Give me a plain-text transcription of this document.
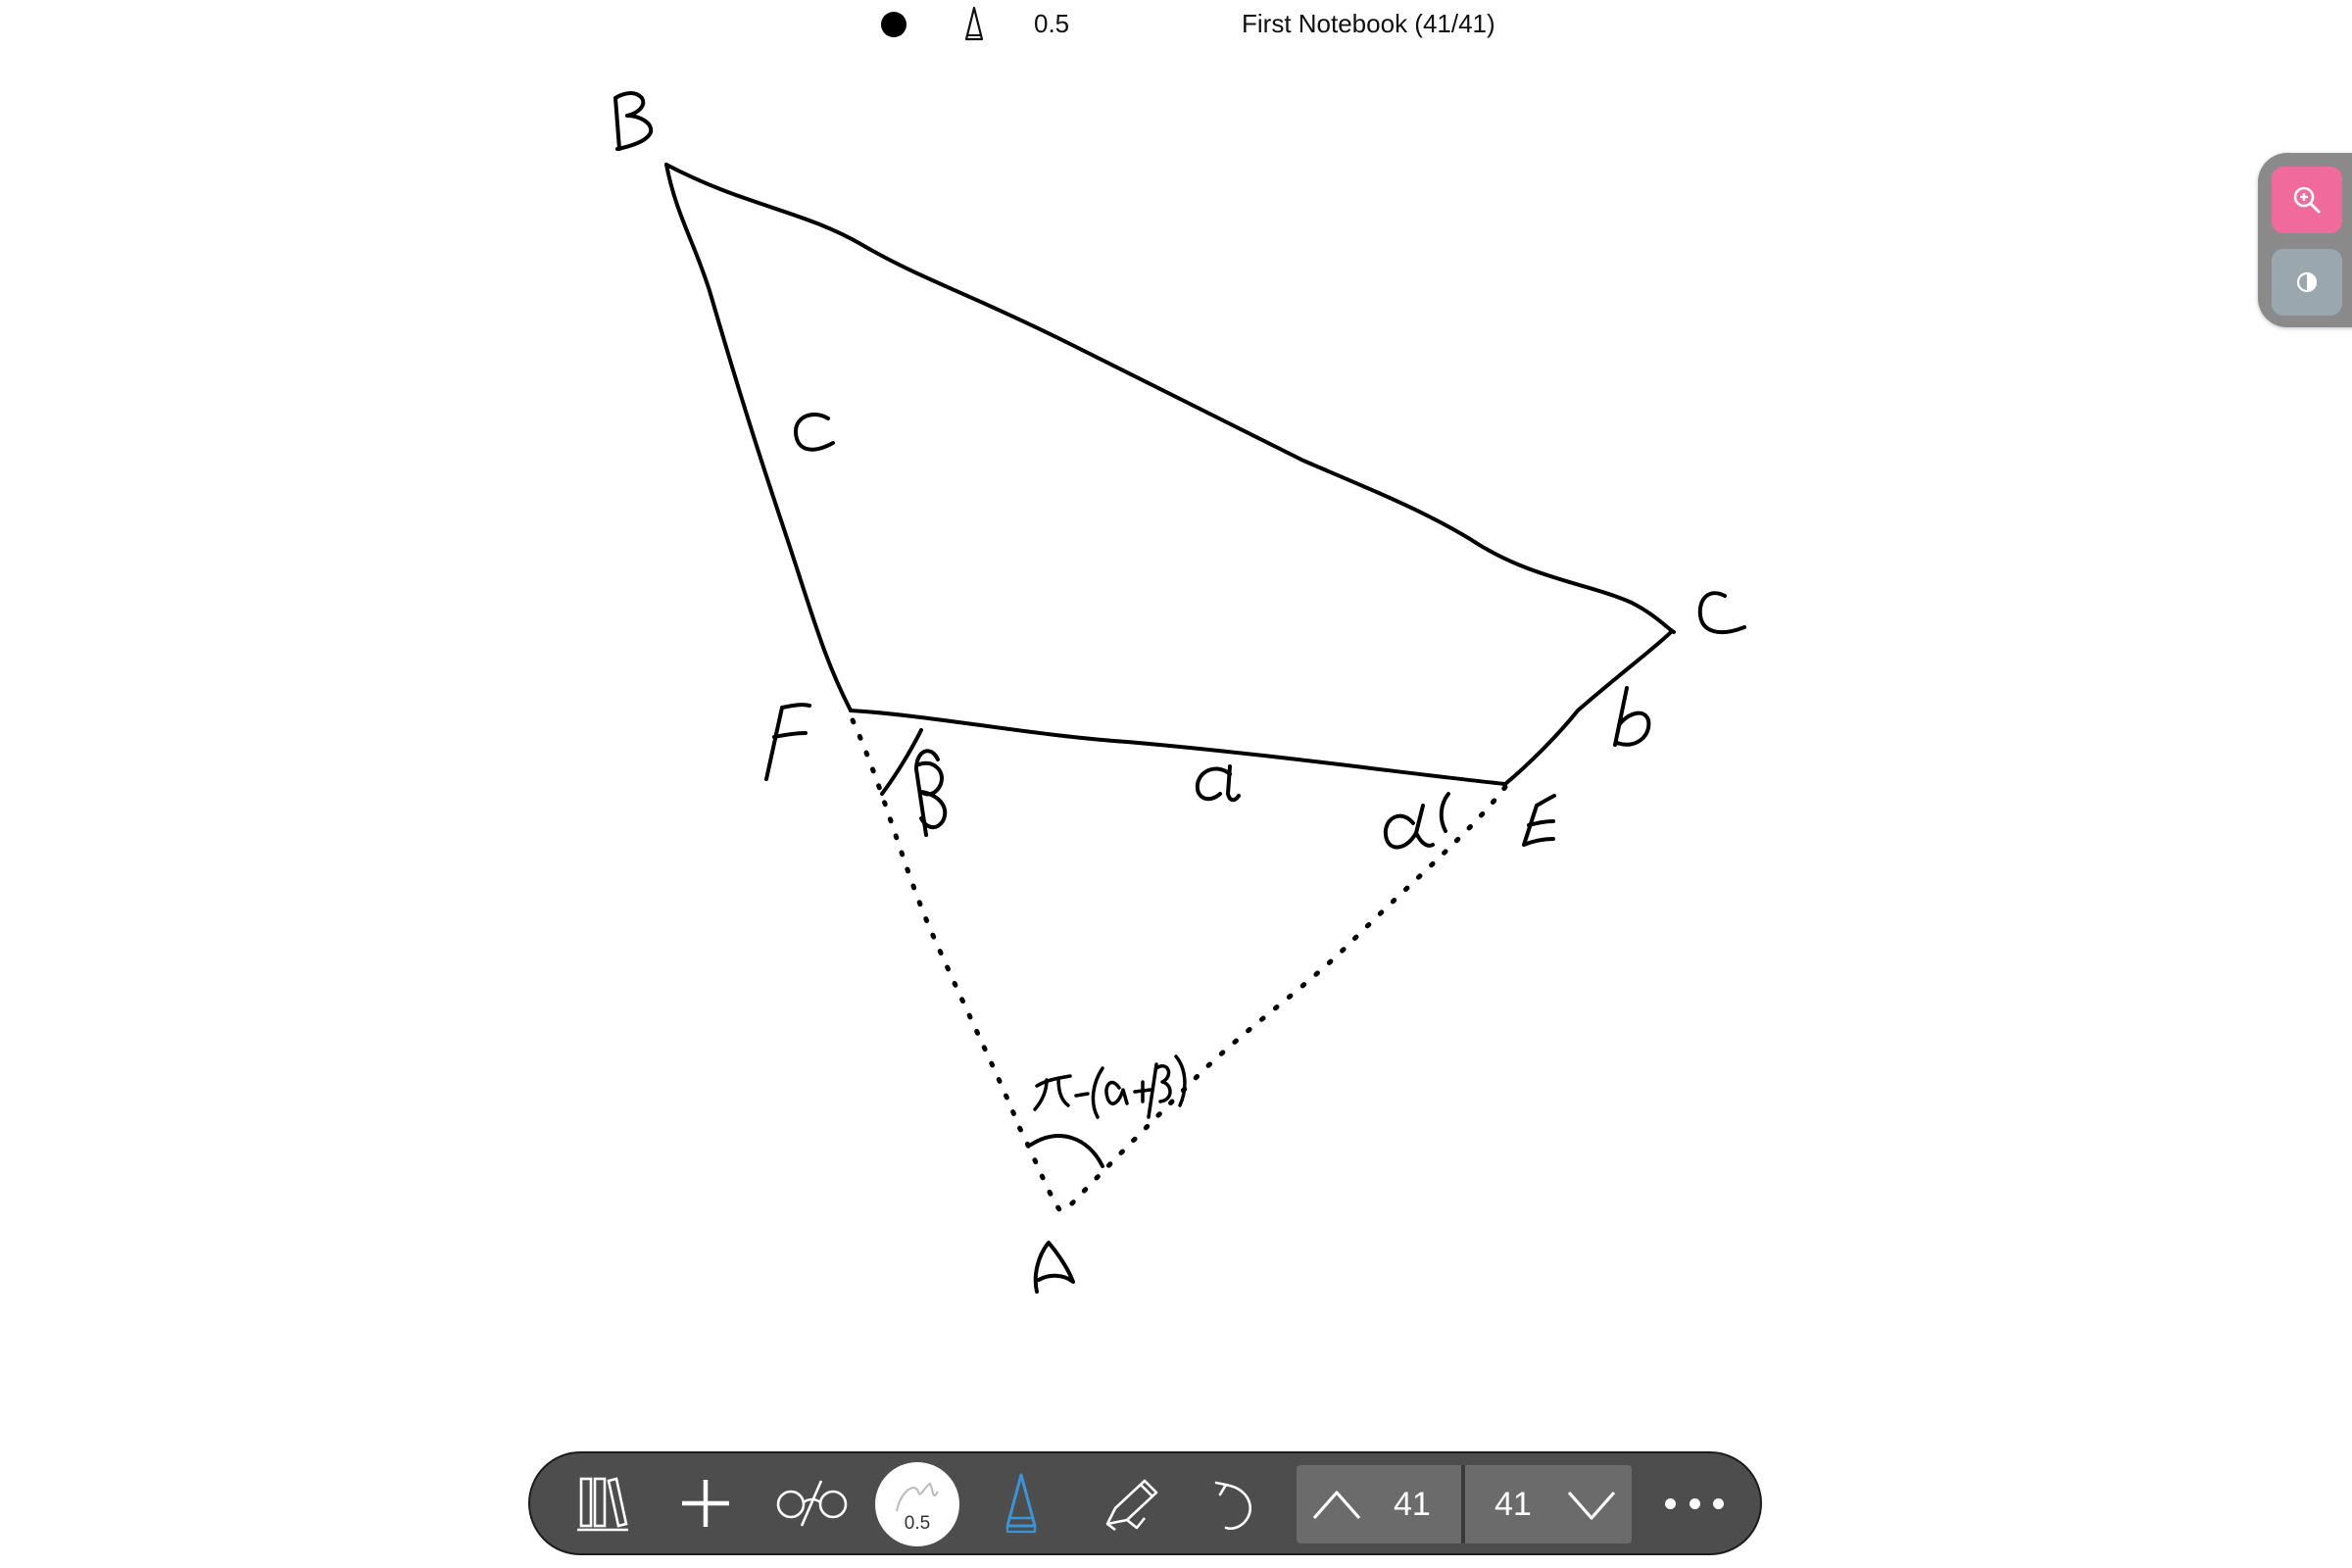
0.5	First Notebook (41/41)
0.5
41 41
